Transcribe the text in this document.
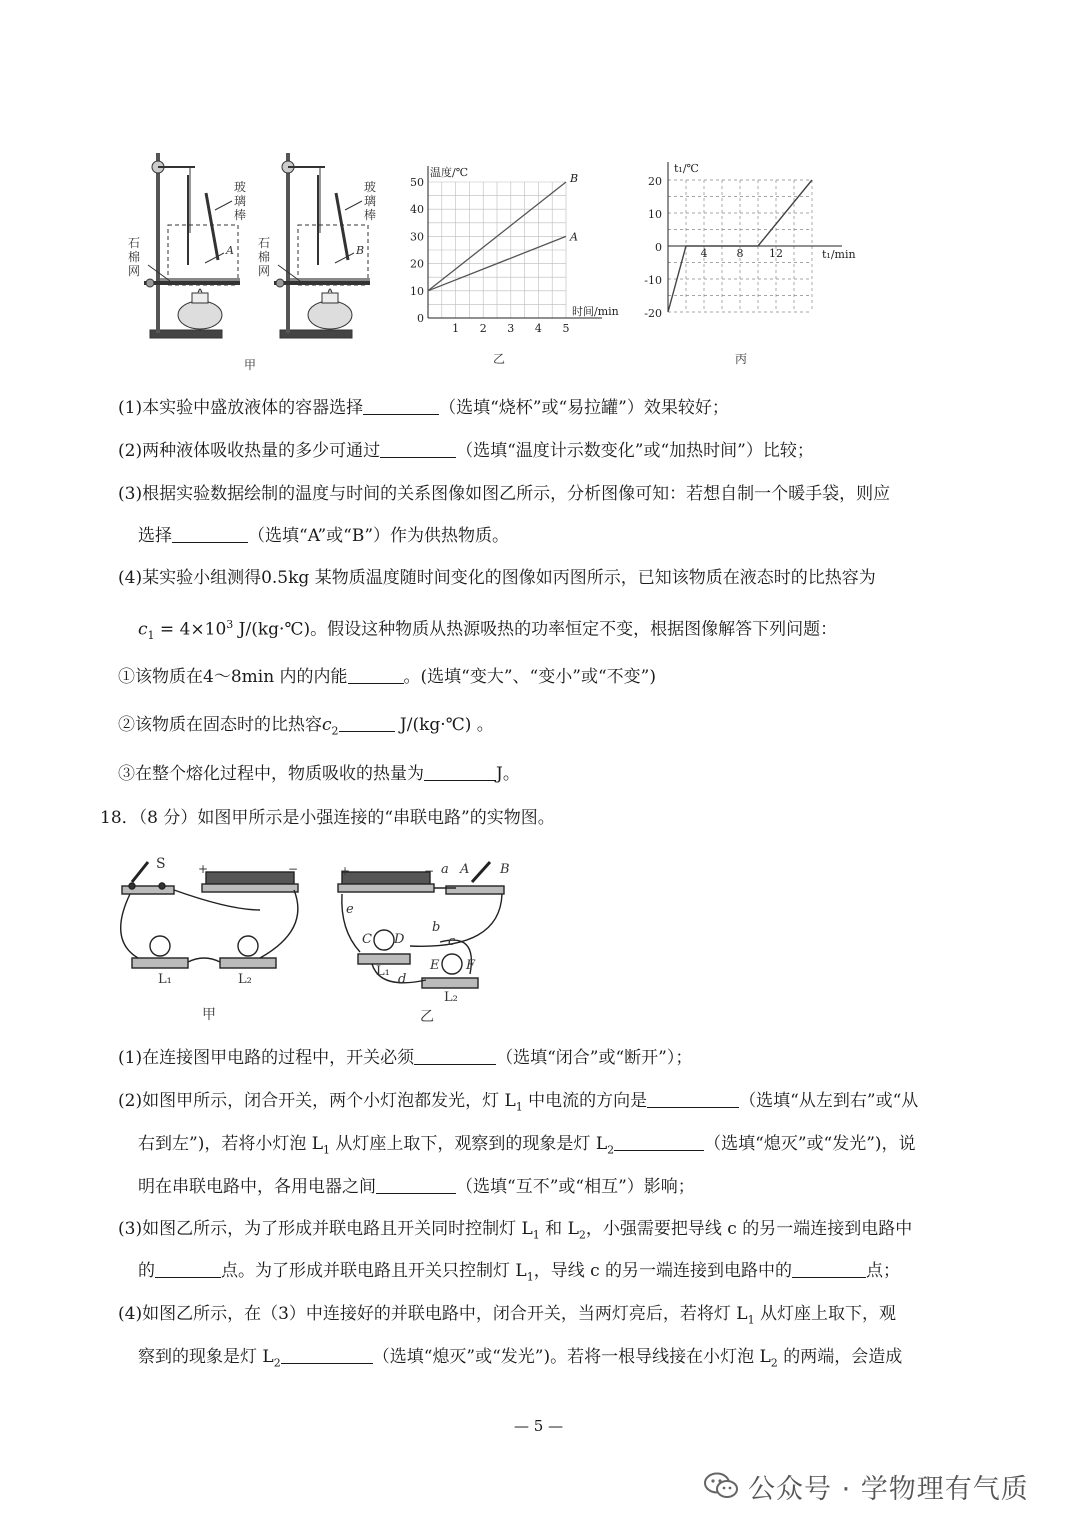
玻璃棒
玻璃棒
石棉网
石棉网
A	B
甲
温度/℃
时间/min
50
40
30
20
10
0
1 2 3 4 5
B
A
乙
t₁/℃
t₁/min
20
10
0
-10
-20
4	8 12
丙
(1)本实验中盛放液体的容器选择	（选填“烧杯”或“易拉罐”）效果较好；
(2)两种液体吸收热量的多少可通过	（选填“温度计示数变化”或“加热时间”）比较；
(3)根据实验数据绘制的温度与时间的关系图像如图乙所示，分析图像可知：若想自制一个暖手袋，则应
选择	（选填“A”或“B”）作为供热物质。
(4)某实验小组测得0.5kg 某物质温度随时间变化的图像如丙图所示，已知该物质在液态时的比热容为
$c_1 = 4\times 10^3$ J/(kg·℃)。假设这种物质从热源吸热的功率恒定不变，根据图像解答下列问题：
①该物质在4～8min 内的内能	。(选填“变大”、“变小”或“不变”)
②该物质在固态时的比热容$c_2$	J/(kg·℃) 。
③在整个熔化过程中，物质吸收的热量为	J。
18．（8 分）如图甲所示是小强连接的“串联电路”的实物图。
S	+	−
L₁	L₂
甲
+	− a A B
e
b
C D	c
E F
L₁
d
L₂
乙
(1)在连接图甲电路的过程中，开关必须	（选填“闭合”或“断开”）；
(2)如图甲所示，闭合开关，两个小灯泡都发光，灯 $L_1$ 中电流的方向是	（选填“从左到右”或“从
右到左”)，若将小灯泡 $L_1$ 从灯座上取下，观察到的现象是灯 $L_2$	（选填“熄灭”或“发光”)，说
明在串联电路中，各用电器之间	（选填“互不”或“相互”）影响；
(3)如图乙所示，为了形成并联电路且开关同时控制灯 $L_1$ 和 $L_2$，小强需要把导线 c 的另一端连接到电路中
的	点。为了形成并联电路且开关只控制灯 $L_1$，导线 c 的另一端连接到电路中的	点；
(4)如图乙所示，在（3）中连接好的并联电路中，闭合开关，当两灯亮后，若将灯 $L_1$ 从灯座上取下，观
察到的现象是灯 $L_2$	（选填“熄灭”或“发光”)。若将一根导线接在小灯泡 $L_2$ 的两端，会造成
— 5 —
公众号 · 学物理有气质
